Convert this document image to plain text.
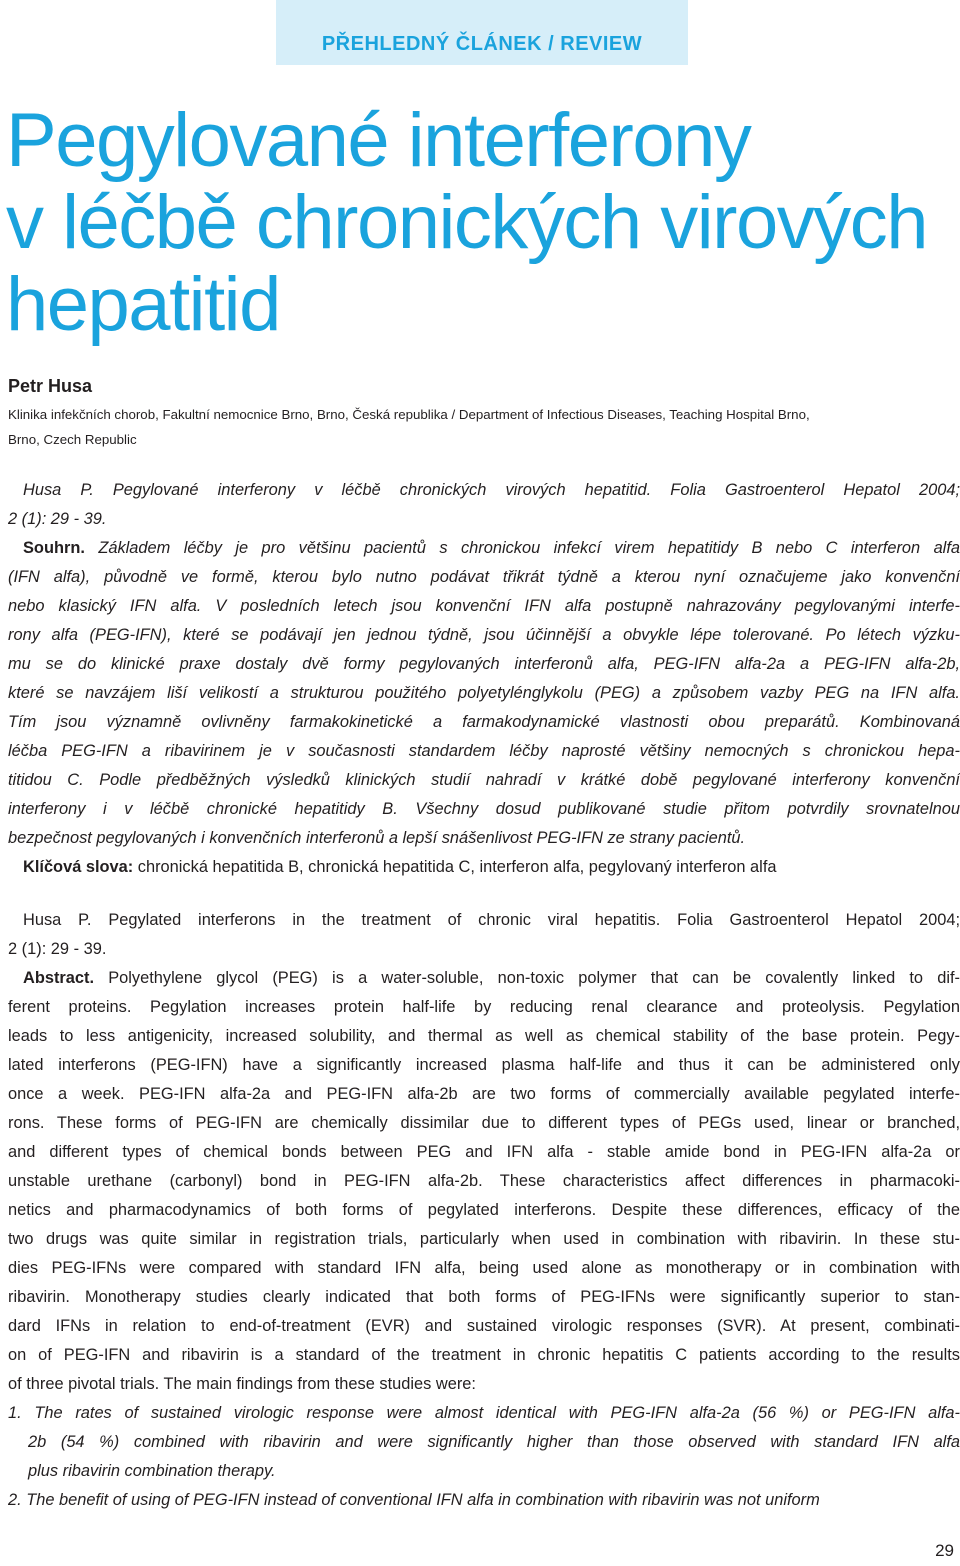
PŘEHLEDNÝ ČLÁNEK / REVIEW
Pegylované interferony
v léčbě chronických virových
hepatitid
Petr Husa
Klinika infekčních chorob, Fakultní nemocnice Brno, Brno, Česká republika / Department of Infectious Diseases, Teaching Hospital Brno,
Brno, Czech Republic
Husa P. Pegylované interferony v léčbě chronických virových hepatitid. Folia Gastroenterol Hepatol 2004;
2 (1): 29 - 39.
Souhrn. Základem léčby je pro většinu pacientů s chronickou infekcí virem hepatitidy B nebo C interferon alfa
(IFN alfa), původně ve formě, kterou bylo nutno podávat třikrát týdně a kterou nyní označujeme jako konvenční
nebo klasický IFN alfa. V posledních letech jsou konvenční IFN alfa postupně nahrazovány pegylovanými interfe-
rony alfa (PEG-IFN), které se podávají jen jednou týdně, jsou účinnější a obvykle lépe tolerované. Po létech výzku-
mu se do klinické praxe dostaly dvě formy pegylovaných interferonů alfa, PEG-IFN alfa-2a a PEG-IFN alfa-2b,
které se navzájem liší velikostí a strukturou použitého polyetylénglykolu (PEG) a způsobem vazby PEG na IFN alfa.
Tím jsou významně ovlivněny farmakokinetické a farmakodynamické vlastnosti obou preparátů. Kombinovaná
léčba PEG-IFN a ribavirinem je v současnosti standardem léčby naprosté většiny nemocných s chronickou hepa-
titidou C. Podle předběžných výsledků klinických studií nahradí v krátké době pegylované interferony konvenční
interferony i v léčbě chronické hepatitidy B. Všechny dosud publikované studie přitom potvrdily srovnatelnou
bezpečnost pegylovaných i konvenčních interferonů a lepší snášenlivost PEG-IFN ze strany pacientů.
Klíčová slova: chronická hepatitida B, chronická hepatitida C, interferon alfa, pegylovaný interferon alfa
Husa P. Pegylated interferons in the treatment of chronic viral hepatitis. Folia Gastroenterol Hepatol 2004;
2 (1): 29 - 39.
Abstract. Polyethylene glycol (PEG) is a water-soluble, non-toxic polymer that can be covalently linked to dif-
ferent proteins. Pegylation increases protein half-life by reducing renal clearance and proteolysis. Pegylation
leads to less antigenicity, increased solubility, and thermal as well as chemical stability of the base protein. Pegy-
lated interferons (PEG-IFN) have a significantly increased plasma half-life and thus it can be administered only
once a week. PEG-IFN alfa-2a and PEG-IFN alfa-2b are two forms of commercially available pegylated interfe-
rons. These forms of PEG-IFN are chemically dissimilar due to different types of PEGs used, linear or branched,
and different types of chemical bonds between PEG and IFN alfa - stable amide bond in PEG-IFN alfa-2a or
unstable urethane (carbonyl) bond in PEG-IFN alfa-2b. These characteristics affect differences in pharmacoki-
netics and pharmacodynamics of both forms of pegylated interferons. Despite these differences, efficacy of the
two drugs was quite similar in registration trials, particularly when used in combination with ribavirin. In these stu-
dies PEG-IFNs were compared with standard IFN alfa, being used alone as monotherapy or in combination with
ribavirin. Monotherapy studies clearly indicated that both forms of PEG-IFNs were significantly superior to stan-
dard IFNs in relation to end-of-treatment (EVR) and sustained virologic responses (SVR). At present, combinati-
on of PEG-IFN and ribavirin is a standard of the treatment in chronic hepatitis C patients according to the results
of three pivotal trials. The main findings from these studies were:
1. The rates of sustained virologic response were almost identical with PEG-IFN alfa-2a (56 %) or PEG-IFN alfa-
2b (54 %) combined with ribavirin and were significantly higher than those observed with standard IFN alfa
plus ribavirin combination therapy.
2. The benefit of using of PEG-IFN instead of conventional IFN alfa in combination with ribavirin was not uniform
29
